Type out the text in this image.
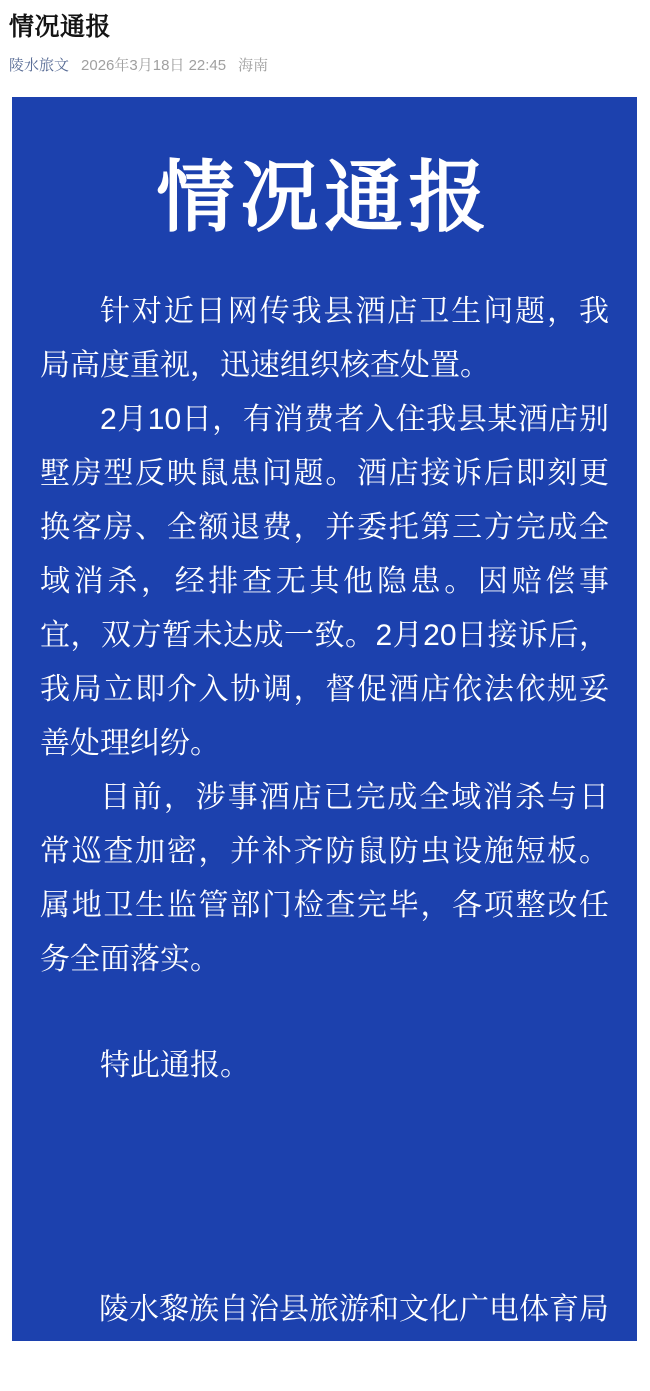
情况通报
陵水旅文 2026年3月18日 22:45 海南
情况通报

针对近日网传我县酒店卫生问题，我局高度重视，迅速组织核查处置。

2月10日，有消费者入住我县某酒店别墅房型反映鼠患问题。酒店接诉后即刻更换客房、全额退费，并委托第三方完成全域消杀，经排查无其他隐患。因赔偿事宜，双方暂未达成一致。2月20日接诉后，我局立即介入协调，督促酒店依法依规妥善处理纠纷。

目前，涉事酒店已完成全域消杀与日常巡查加密，并补齐防鼠防虫设施短板。属地卫生监管部门检查完毕，各项整改任务全面落实。

特此通报。

陵水黎族自治县旅游和文化广电体育局
2026年3月18日
